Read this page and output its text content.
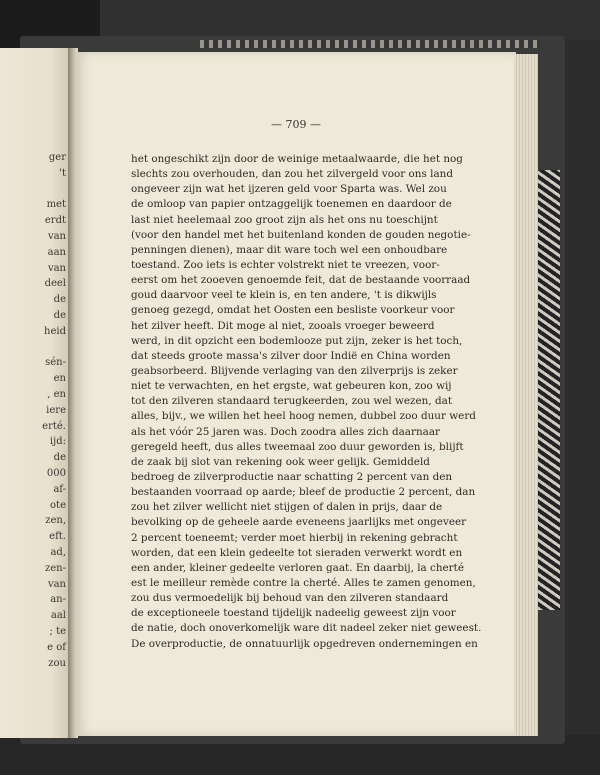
ger
't

met
erdt
van
aan
van
deel
de
de
heid

sén-
en
, en
iere
erté.
ijd:
de
000
af-
ote
zen,
eft.
ad,
zen-
van
an-
aal
; te
e of
zou
— 709 —
het ongeschikt zijn door de weinige metaalwaarde, die het nog
slechts zou overhouden, dan zou het zilvergeld voor ons land
ongeveer zijn wat het ijzeren geld voor Sparta was. Wel zou
de omloop van papier ontzaggelijk toenemen en daardoor de
last niet heelemaal zoo groot zijn als het ons nu toeschijnt
(voor den handel met het buitenland konden de gouden negotie-
penningen dienen), maar dit ware toch wel een onhoudbare
toestand. Zoo iets is echter volstrekt niet te vreezen, voor-
eerst om het zooeven genoemde feit, dat de bestaande voorraad
goud daarvoor veel te klein is, en ten andere, 't is dikwijls
genoeg gezegd, omdat het Oosten een besliste voorkeur voor
het zilver heeft. Dit moge al niet, zooals vroeger beweerd
werd, in dit opzicht een bodemlooze put zijn, zeker is het toch,
dat steeds groote massa's zilver door Indië en China worden
geabsorbeerd. Blijvende verlaging van den zilverprijs is zeker
niet te verwachten, en het ergste, wat gebeuren kon, zoo wij
tot den zilveren standaard terugkeerden, zou wel wezen, dat
alles, bijv., we willen het heel hoog nemen, dubbel zoo duur werd
als het vóór 25 jaren was. Doch zoodra alles zich daarnaar
geregeld heeft, dus alles tweemaal zoo duur geworden is, blijft
de zaak bij slot van rekening ook weer gelijk. Gemiddeld
bedroeg de zilverproductie naar schatting 2 percent van den
bestaanden voorraad op aarde; bleef de productie 2 percent, dan
zou het zilver wellicht niet stijgen of dalen in prijs, daar de
bevolking op de geheele aarde eveneens jaarlijks met ongeveer
2 percent toeneemt; verder moet hierbij in rekening gebracht
worden, dat een klein gedeelte tot sieraden verwerkt wordt en
een ander, kleiner gedeelte verloren gaat. En daarbij, la cherté
est le meilleur remède contre la cherté. Alles te zamen genomen,
zou dus vermoedelijk bij behoud van den zilveren standaard
de exceptioneele toestand tijdelijk nadeelig geweest zijn voor
de natie, doch onoverkomelijk ware dit nadeel zeker niet geweest.
De overproductie, de onnatuurlijk opgedreven ondernemingen en
